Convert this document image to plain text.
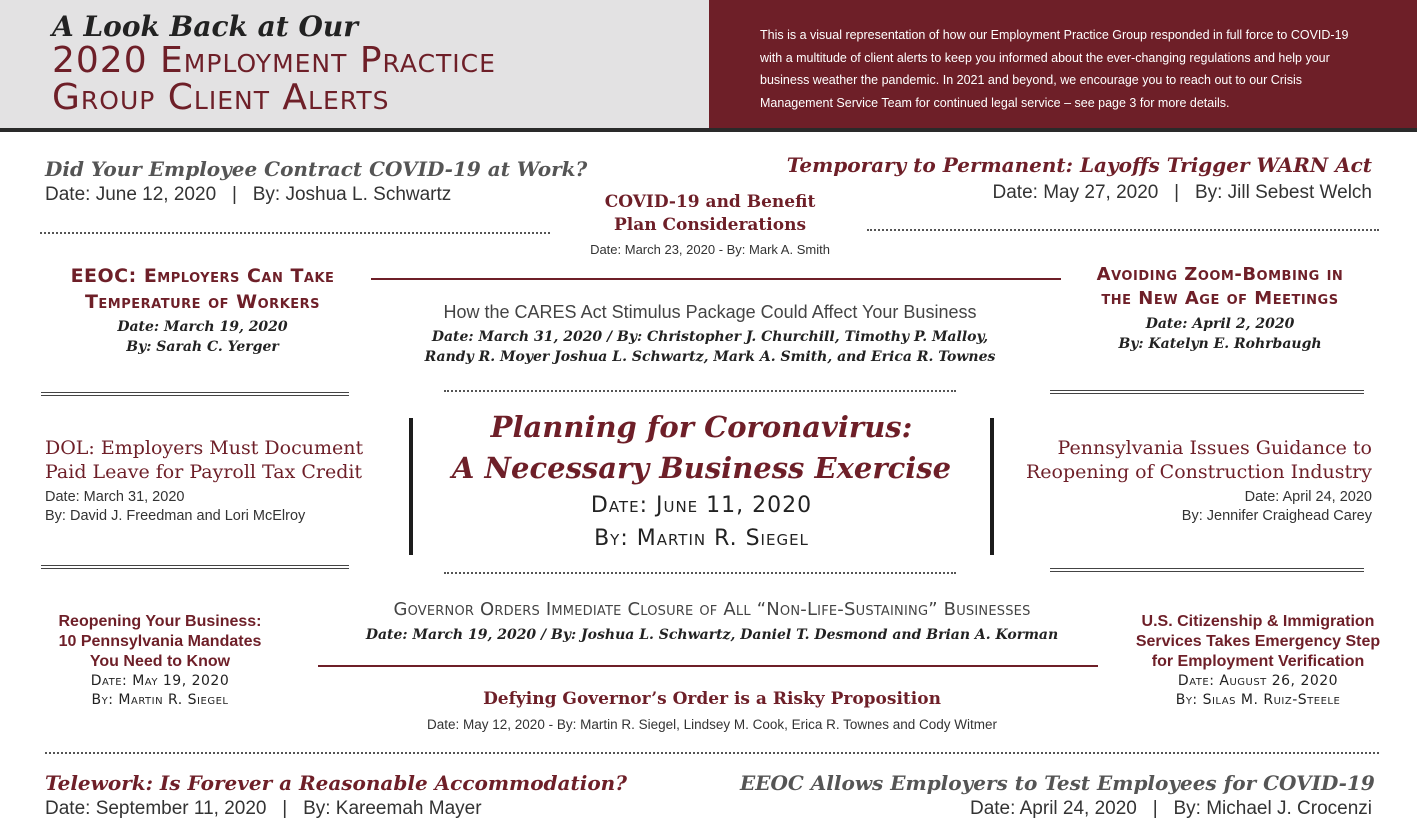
A Look Back at Our
2020 Employment Practice
Group Client Alerts
This is a visual representation of how our Employment Practice Group responded in full force to COVID-19 with a multitude of client alerts to keep you informed about the ever-changing regulations and help your business weather the pandemic. In 2021 and beyond, we encourage you to reach out to our Crisis Management Service Team for continued legal service – see page 3 for more details.
Did Your Employee Contract COVID-19 at Work?
Date: June 12, 2020   |   By: Joshua L. Schwartz
Temporary to Permanent: Layoffs Trigger WARN Act
Date: May 27, 2020   |   By: Jill Sebest Welch
COVID-19 and Benefit
Plan Considerations
Date: March 23, 2020 - By: Mark A. Smith
EEOC: Employers Can Take
Temperature of Workers
Date: March 19, 2020
By: Sarah C. Yerger
How the CARES Act Stimulus Package Could Affect Your Business
Date: March 31, 2020 / By: Christopher J. Churchill, Timothy P. Malloy,
Randy R. Moyer Joshua L. Schwartz, Mark A. Smith, and Erica R. Townes
Avoiding Zoom-Bombing in
the New Age of Meetings
Date: April 2, 2020
By: Katelyn E. Rohrbaugh
DOL: Employers Must Document
Paid Leave for Payroll Tax Credit
Date: March 31, 2020
By: David J. Freedman and Lori McElroy
Planning for Coronavirus:
A Necessary Business Exercise
Date: June 11, 2020
By: Martin R. Siegel
Pennsylvania Issues Guidance to
Reopening of Construction Industry
Date: April 24, 2020
By: Jennifer Craighead Carey
Reopening Your Business:
10 Pennsylvania Mandates
You Need to Know
Date: May 19, 2020
By: Martin R. Siegel
Governor Orders Immediate Closure of All “Non-Life-Sustaining” Businesses
Date: March 19, 2020 / By: Joshua L. Schwartz, Daniel T. Desmond and Brian A. Korman
Defying Governor’s Order is a Risky Proposition
Date: May 12, 2020 - By: Martin R. Siegel, Lindsey M. Cook, Erica R. Townes and Cody Witmer
U.S. Citizenship & Immigration
Services Takes Emergency Step
for Employment Verification
Date: August 26, 2020
By: Silas M. Ruiz-Steele
Telework: Is Forever a Reasonable Accommodation?
Date: September 11, 2020   |   By: Kareemah Mayer
EEOC Allows Employers to Test Employees for COVID-19
Date: April 24, 2020   |   By: Michael J. Crocenzi
